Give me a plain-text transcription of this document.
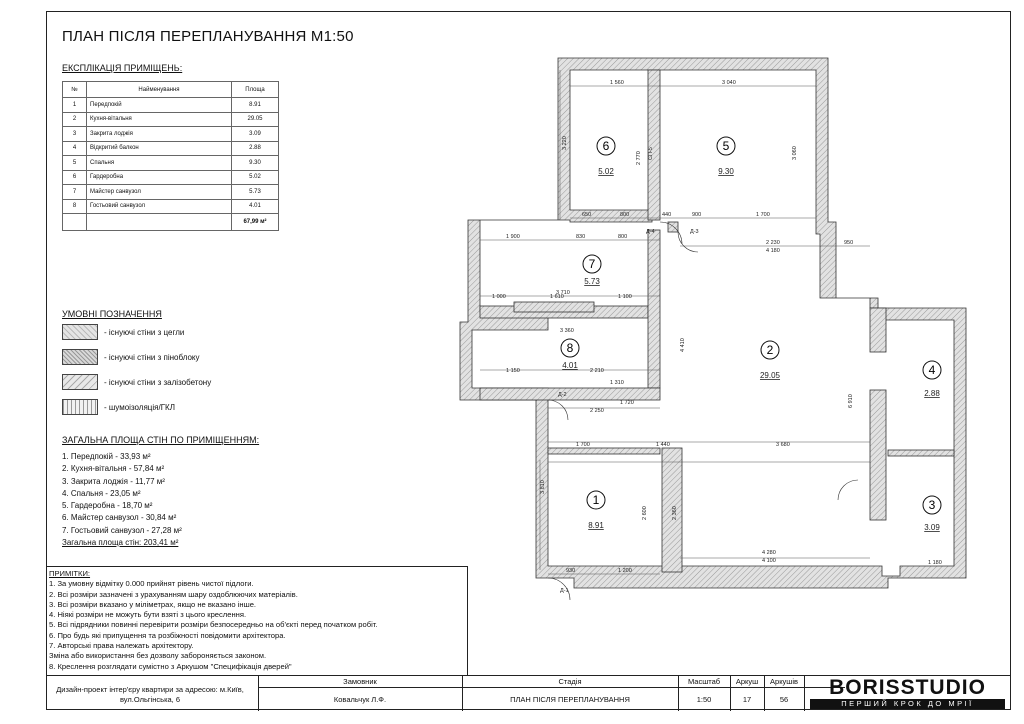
ПЛАН ПІСЛЯ ПЕРЕПЛАНУВАННЯ М1:50
ЕКСПЛІКАЦІЯ ПРИМІЩЕНЬ:
№	Найменування	Площа
1	Передпокій	8.91
2	Кухня-вітальня	29.05
3	Закрита лоджія	3.09
4	Відкритий балкон	2.88
5	Спальня	9.30
6	Гардеробна	5.02
7	Майстер санвузол	5.73
8	Гостьовий санвузол	4.01
		67,99 м²
УМОВНІ ПОЗНАЧЕННЯ
- існуючі стіни з цегли
- існуючі стіни з піноблоку
- існуючі стіни з залізобетону
- шумоізоляція/ГКЛ
ЗАГАЛЬНА ПЛОЩА СТІН ПО ПРИМІЩЕННЯМ:
1. Передпокій - 33,93 м²
2. Кухня-вітальня - 57,84 м²
3. Закрита лоджія - 11,77 м²
4. Спальня - 23,05 м²
5. Гардеробна - 18,70 м²
6. Майстер санвузол - 30,84 м²
7. Гостьовий санвузол - 27,28 м²
Загальна площа стін: 203,41 м²
ПРИМІТКИ:
1. За умовну відмітку 0.000 прийнят рівень чистої підлоги.
2. Всі розміри зазначені з урахуванням шару оздоблюючих матеріалів.
3. Всі розміри вказано у міліметрах, якщо не вказано інше.
4. Ніякі розміри не можуть бути взяті з цього креслення.
5. Всі підрядники повинні перевірити розміри безпосередньо на об'єкті перед початком робіт.
6. Про будь які припущення та розбіжності повідомити архітектора.
7. Авторські права належать архітектору.
Зміна або використання без дозволу забороняється законом.
8. Креслення розглядати сумістно з Аркушом "Специфікація дверей"
1
8.91
2
29.05
3
3.09
4
2.88
5
9.30
6
5.02
7
5.73
8
4.01
1 560	3 040
3 220
2 770	3 060
650	800	440	900	1 700
1 900	830	800
2 230	950
4 180
3 710
1 610	1 100
1 000
3 360
1 150	2 210
1 310
2 250
1 720
1 700	1 440	3 680
3 810
2 600	2 360
930	1 200
4 280
4 100	1 180
4 410
6 910
Д-4	Д-3
Д-2
Д-1
СП-5
Дизайн-проект інтер'єру квартири за адресою: м.Київ, вул.Ольгінська, 6
Замовник
Ковальчук Л.Ф.
Стадія
ПЛАН ПІСЛЯ ПЕРЕПЛАНУВАННЯ
Масштаб
1:50
Аркуш
17
Аркушів
56
BORISSTUDIO
ПЕРШИЙ КРОК ДО МРІЇ
